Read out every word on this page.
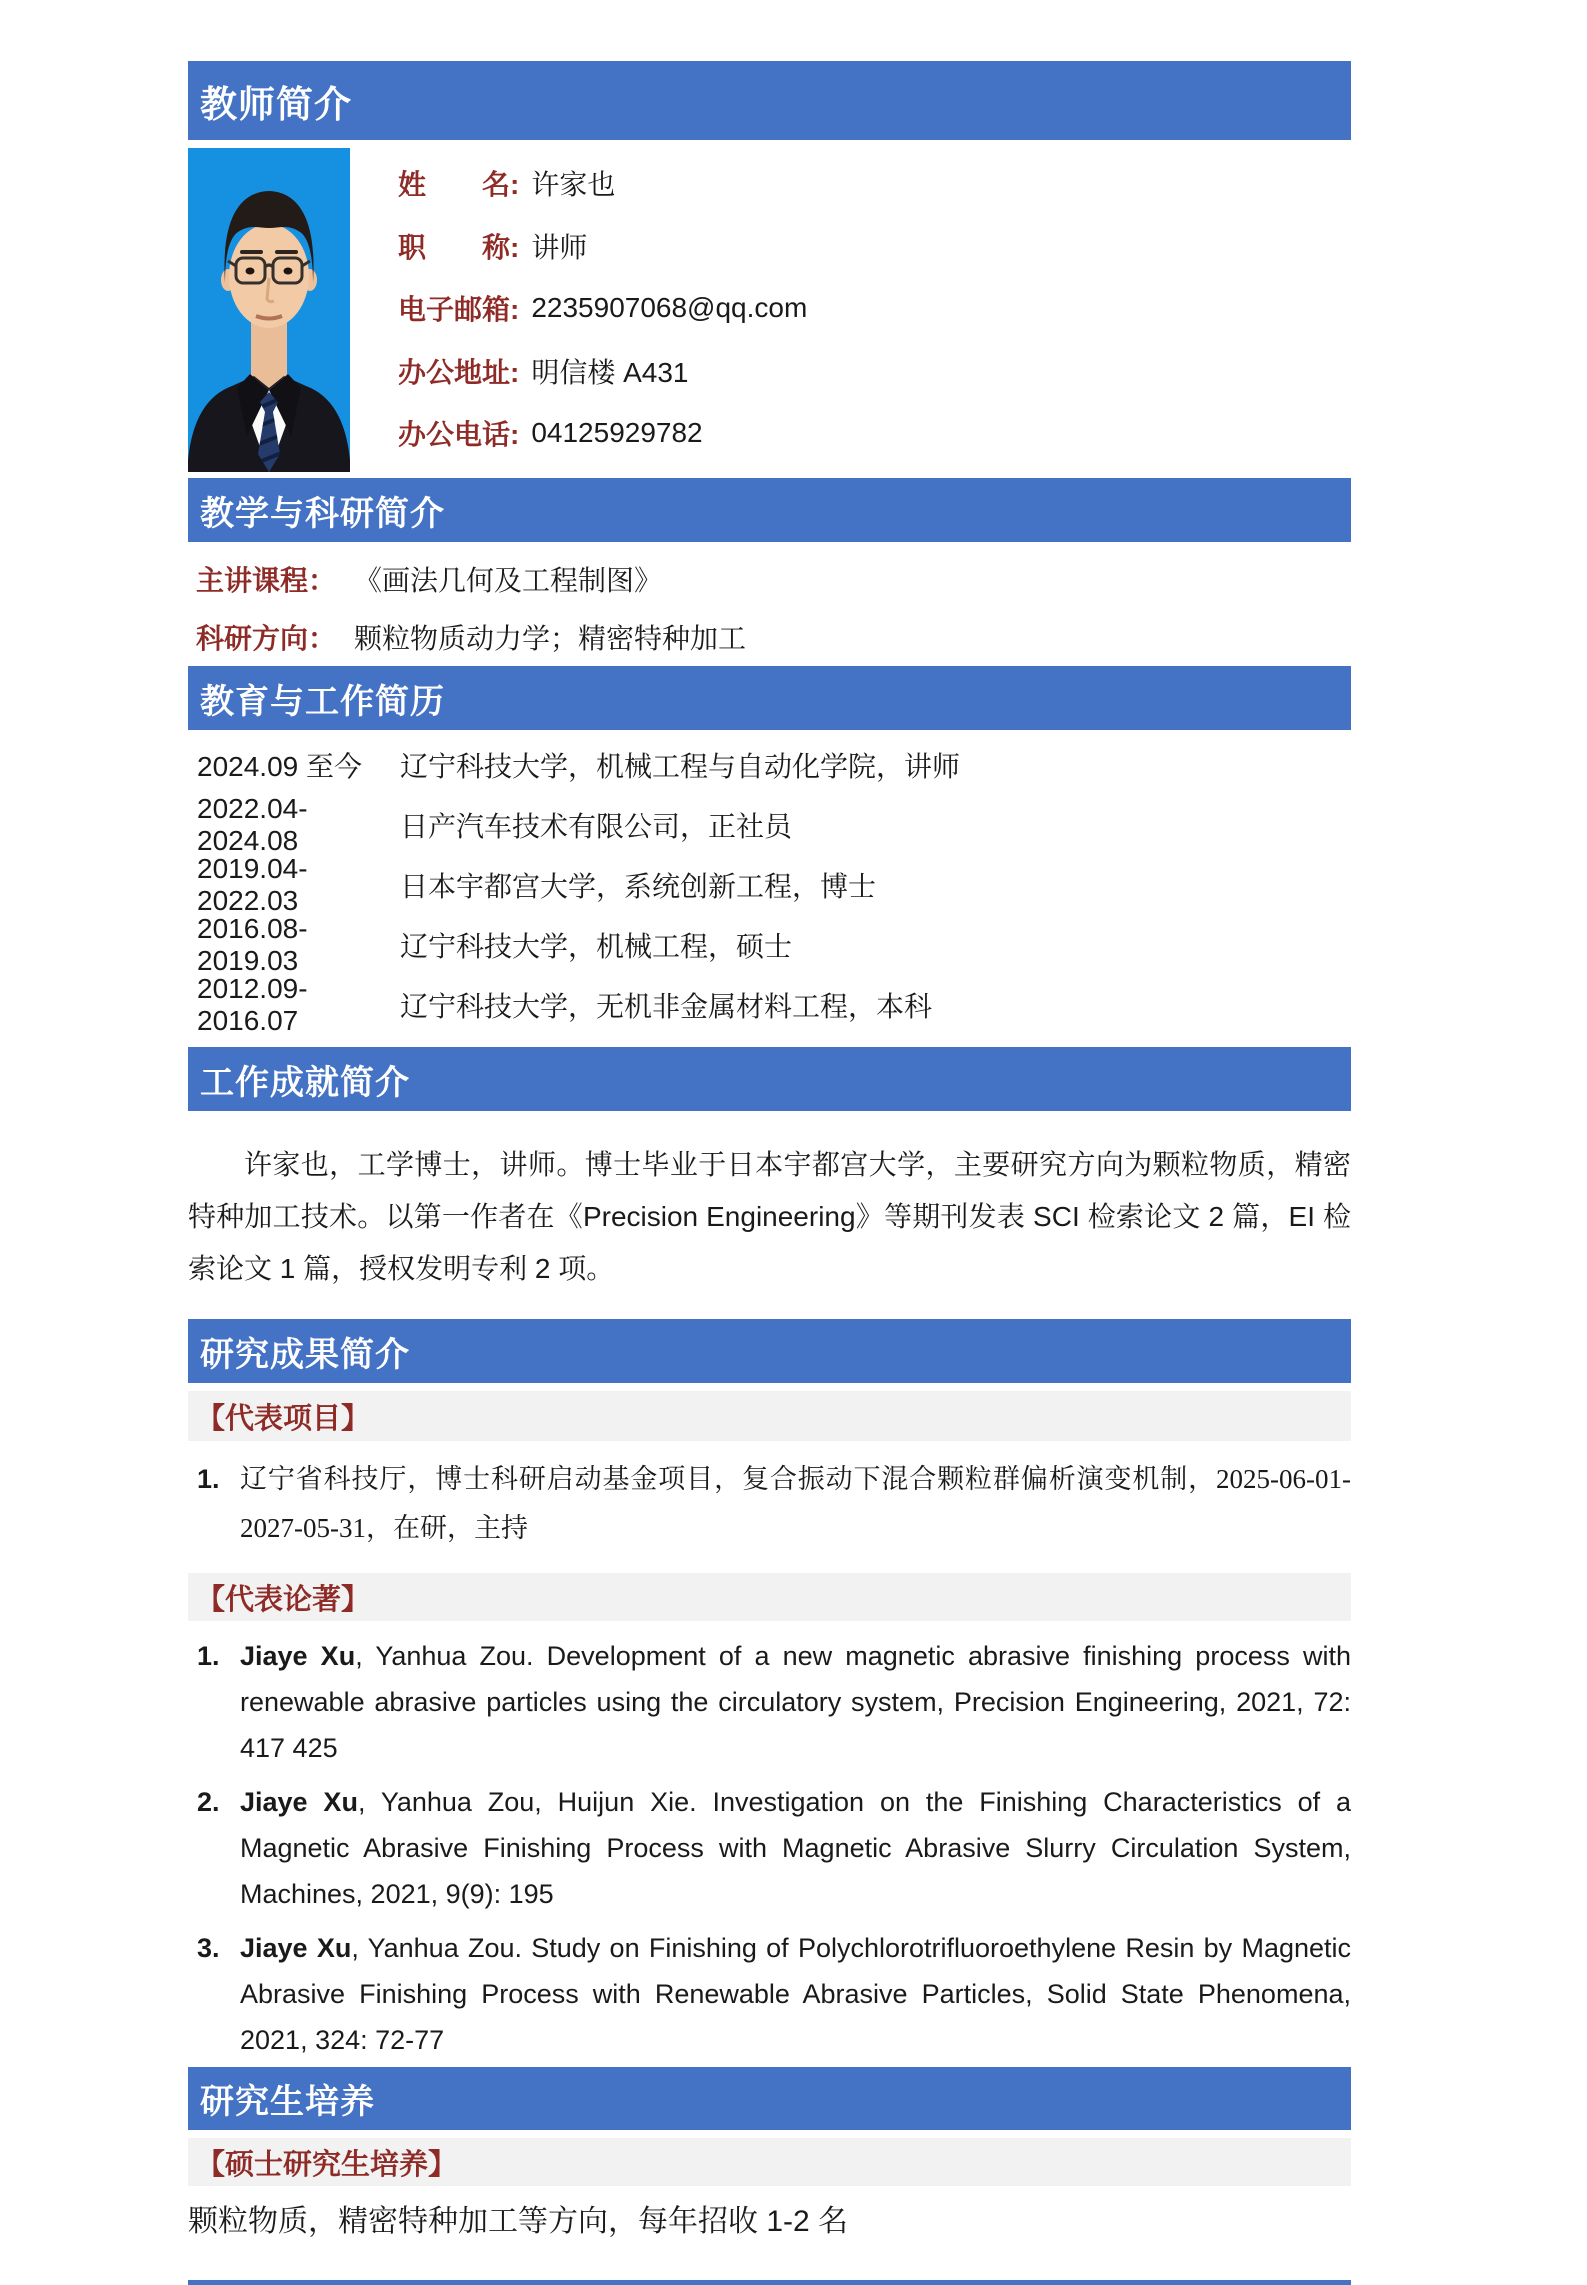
教师简介
姓　　名: 许家也
职　　称: 讲师
电子邮箱: 2235907068@qq.com
办公地址: 明信楼 A431
办公电话: 04125929782
教学与科研简介
主讲课程： 《画法几何及工程制图》
科研方向： 颗粒物质动力学；精密特种加工
教育与工作简历
2024.09 至今	辽宁科技大学，机械工程与自动化学院，讲师
2022.04-2024.08	日产汽车技术有限公司，正社员
2019.04-2022.03	日本宇都宫大学，系统创新工程，博士
2016.08-2019.03	辽宁科技大学，机械工程，硕士
2012.09-2016.07	辽宁科技大学，无机非金属材料工程，本科
工作成就简介

许家也，工学博士，讲师。博士毕业于日本宇都宫大学，主要研究方向为颗粒物质，精密特种加工技术。以第一作者在《Precision Engineering》等期刊发表 SCI 检索论文 2 篇，EI 检索论文 1 篇，授权发明专利 2 项。

研究成果简介
【代表项目】
1. 辽宁省科技厅，博士科研启动基金项目，复合振动下混合颗粒群偏析演变机制，2025-06-01-2027-05-31，在研，主持

【代表论著】
1. Jiaye Xu, Yanhua Zou. Development of a new magnetic abrasive finishing process with renewable abrasive particles using the circulatory system, Precision Engineering, 2021, 72: 417 425

2. Jiaye Xu, Yanhua Zou, Huijun Xie. Investigation on the Finishing Characteristics of a Magnetic Abrasive Finishing Process with Magnetic Abrasive Slurry Circulation System, Machines, 2021, 9(9): 195

3. Jiaye Xu, Yanhua Zou. Study on Finishing of Polychlorotrifluoroethylene Resin by Magnetic Abrasive Finishing Process with Renewable Abrasive Particles, Solid State Phenomena, 2021, 324: 72-77

研究生培养
【硕士研究生培养】

颗粒物质，精密特种加工等方向，每年招收 1-2 名
